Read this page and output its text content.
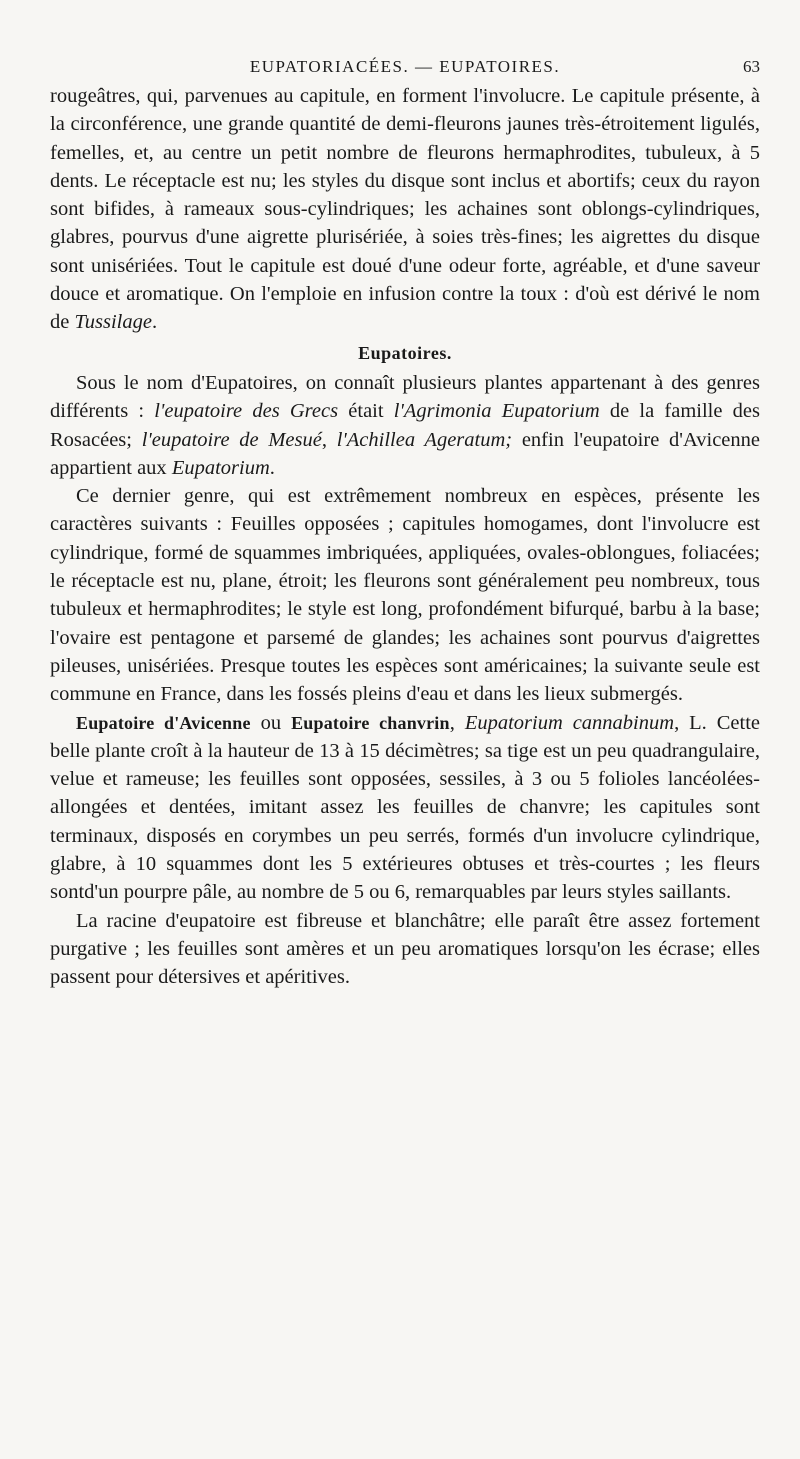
EUPATORIACÉES. — EUPATOIRES.	63

rougeâtres, qui, parvenues au capitule, en forment l'involucre. Le capitule présente, à la circonférence, une grande quantité de demi-fleurons jaunes très-étroitement ligulés, femelles, et, au centre un petit nombre de fleurons hermaphrodites, tubuleux, à 5 dents. Le réceptacle est nu; les styles du disque sont inclus et abortifs; ceux du rayon sont bifides, à rameaux sous-cylindriques; les achaines sont oblongs-cylindriques, glabres, pourvus d'une aigrette plurisériée, à soies très-fines; les aigrettes du disque sont unisériées. Tout le capitule est doué d'une odeur forte, agréable, et d'une saveur douce et aromatique. On l'emploie en infusion contre la toux : d'où est dérivé le nom de Tussilage.

Eupatoires.

Sous le nom d'Eupatoires, on connaît plusieurs plantes appartenant à des genres différents : l'eupatoire des Grecs était l'Agrimonia Eupatorium de la famille des Rosacées; l'eupatoire de Mesué, l'Achillea Ageratum; enfin l'eupatoire d'Avicenne appartient aux Eupatorium.

Ce dernier genre, qui est extrêmement nombreux en espèces, présente les caractères suivants : Feuilles opposées ; capitules homogames, dont l'involucre est cylindrique, formé de squammes imbriquées, appliquées, ovales-oblongues, foliacées; le réceptacle est nu, plane, étroit; les fleurons sont généralement peu nombreux, tous tubuleux et hermaphrodites; le style est long, profondément bifurqué, barbu à la base; l'ovaire est pentagone et parsemé de glandes; les achaines sont pourvus d'aigrettes pileuses, unisériées. Presque toutes les espèces sont américaines; la suivante seule est commune en France, dans les fossés pleins d'eau et dans les lieux submergés.

Eupatoire d'Avicenne ou Eupatoire chanvrin, Eupatorium cannabinum, L. Cette belle plante croît à la hauteur de 13 à 15 décimètres; sa tige est un peu quadrangulaire, velue et rameuse; les feuilles sont opposées, sessiles, à 3 ou 5 folioles lancéolées-allongées et dentées, imitant assez les feuilles de chanvre; les capitules sont terminaux, disposés en corymbes un peu serrés, formés d'un involucre cylindrique, glabre, à 10 squammes dont les 5 extérieures obtuses et très-courtes ; les fleurs sontd'un pourpre pâle, au nombre de 5 ou 6, remarquables par leurs styles saillants.

La racine d'eupatoire est fibreuse et blanchâtre; elle paraît être assez fortement purgative ; les feuilles sont amères et un peu aromatiques lorsqu'on les écrase; elles passent pour détersives et apéritives.
